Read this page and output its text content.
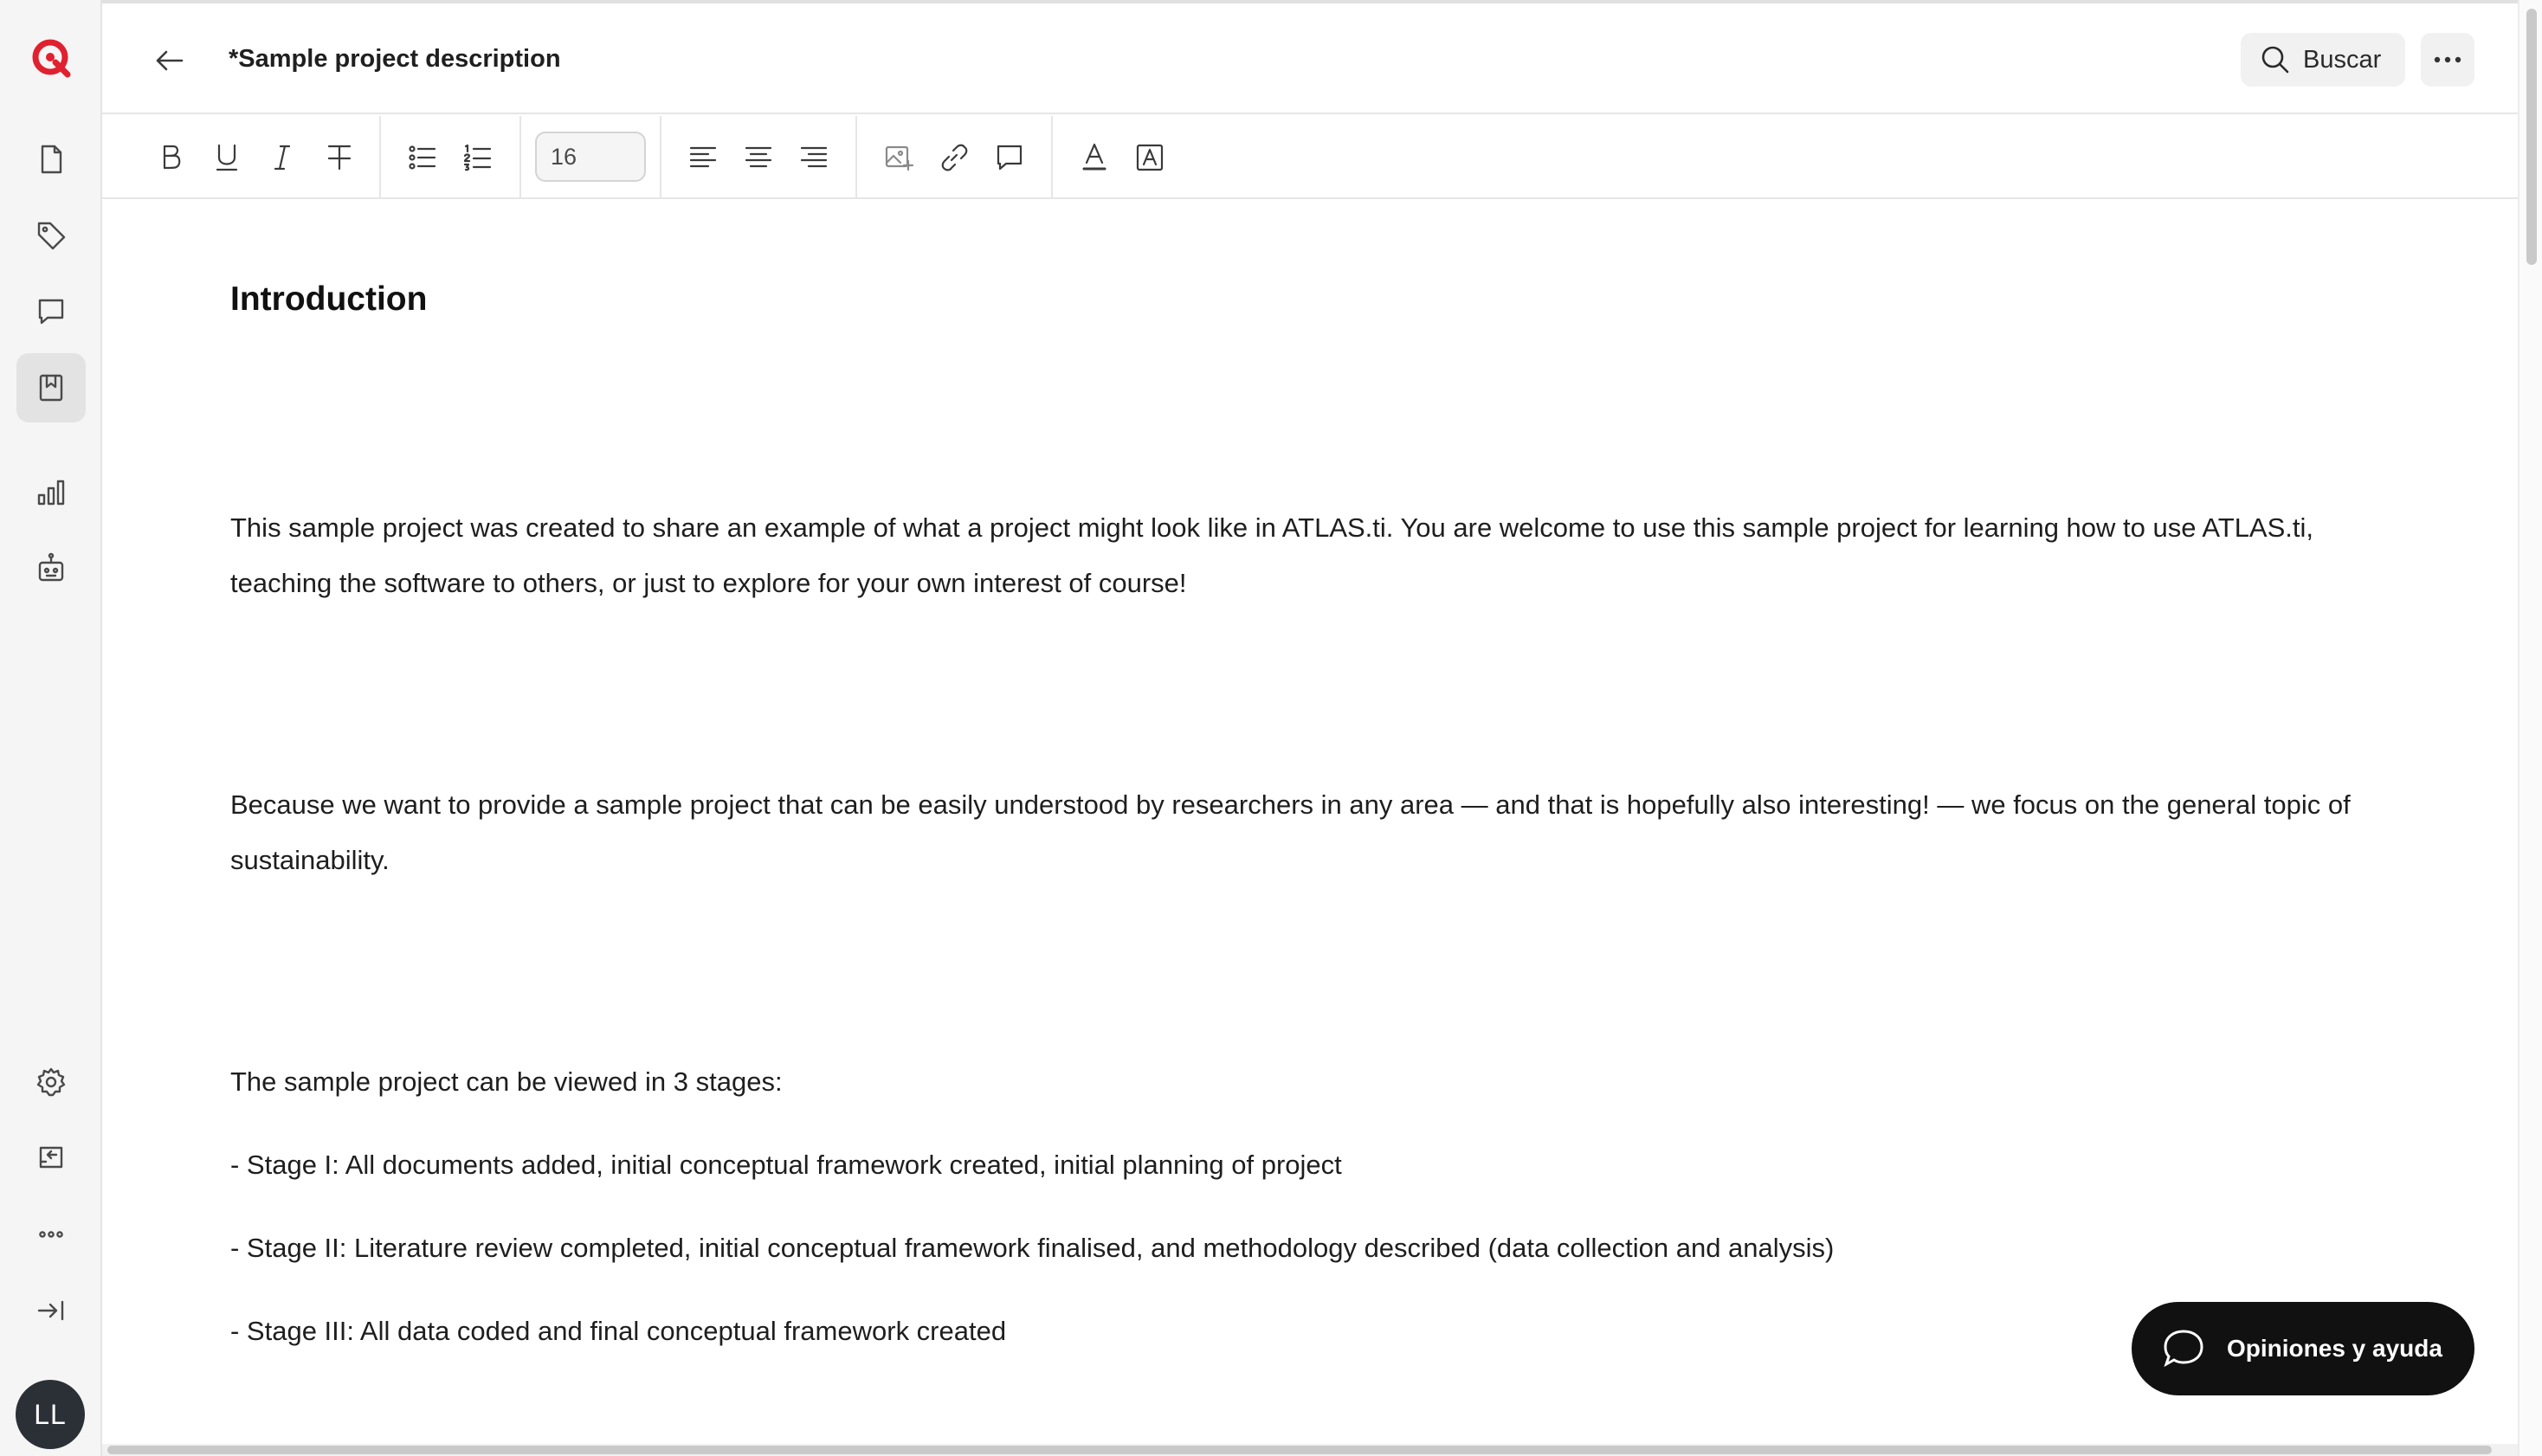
LL
*Sample project description	Buscar
16
Introduction

This sample project was created to share an example of what a project might look like in ATLAS.ti. You are welcome to use this sample project for learning how to use ATLAS.ti, teaching the software to others, or just to explore for your own interest of course!

Because we want to provide a sample project that can be easily understood by researchers in any area — and that is hopefully also interesting! — we focus on the general topic of sustainability.

The sample project can be viewed in 3 stages:

- Stage I: All documents added, initial conceptual framework created, initial planning of project

- Stage II: Literature review completed, initial conceptual framework finalised, and methodology described (data collection and analysis)

- Stage III: All data coded and final conceptual framework created

Opiniones y ayuda
